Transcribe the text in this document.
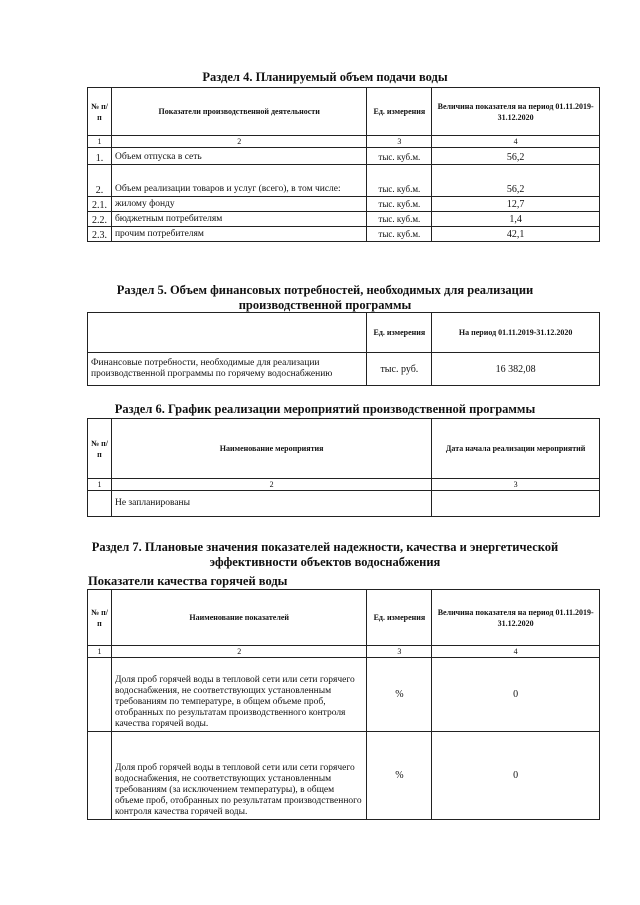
Раздел 4. Планируемый объем подачи воды
№ п/п	Показатели производственной деятельности	Ед. измерения	Величина показателя на период 01.11.2019-31.12.2020
1	2	3	4
1.	Объем отпуска в сеть	тыс. куб.м.	56,2
2.	Объем реализации товаров и услуг (всего), в том числе:	тыс. куб.м.	56,2
2.1.	жилому фонду	тыс. куб.м.	12,7
2.2.	бюджетным потребителям	тыс. куб.м.	1,4
2.3.	прочим потребителям	тыс. куб.м.	42,1
Раздел 5. Объем финансовых потребностей, необходимых для реализации
производственной программы
	Ед. измерения	На период 01.11.2019-31.12.2020
Финансовые потребности, необходимые для реализации производственной программы по горячему водоснабжению	тыс. руб.	16 382,08
Раздел 6. График реализации мероприятий производственной программы
№ п/п	Наименование мероприятия	Дата начала реализации мероприятий
1	2	3
	Не запланированы	
Раздел 7. Плановые значения показателей надежности, качества и энергетической
эффективности объектов водоснабжения
Показатели качества горячей воды
№ п/п	Наименование показателей	Ед. измерения	Величина показателя на период 01.11.2019-31.12.2020
1	2	3	4
	Доля проб горячей воды в тепловой сети или сети горячего водоснабжения, не соответствующих установленным требованиям по температуре, в общем объеме проб, отобранных по результатам производственного контроля качества горячей воды.	%	0
	Доля проб горячей воды в тепловой сети или сети горячего водоснабжения, не соответствующих установленным требованиям (за исключением температуры), в общем объеме проб, отобранных по результатам производственного контроля качества горячей воды.	%	0
